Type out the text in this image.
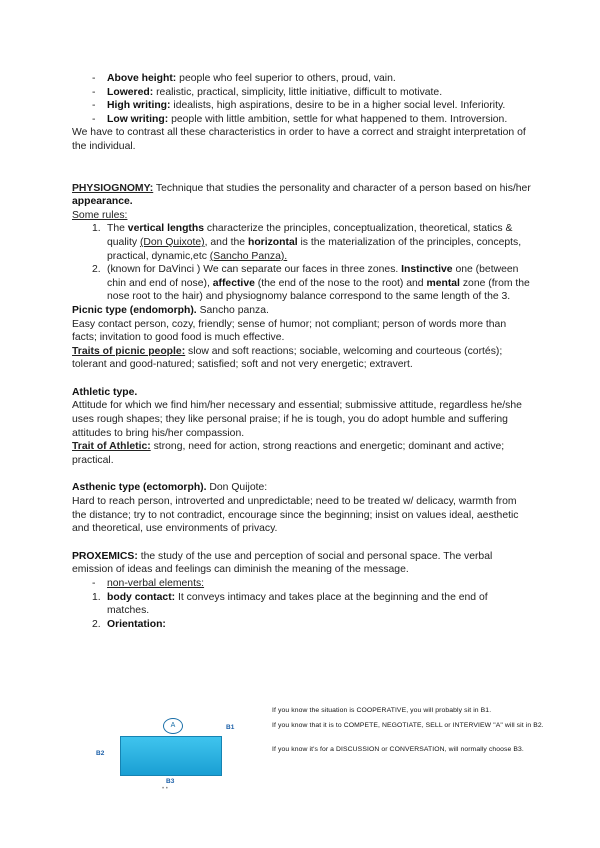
- Above height: people who feel superior to others, proud, vain.
- Lowered: realistic, practical, simplicity, little initiative, difficult to motivate.
- High writing: idealists, high aspirations, desire to be in a higher social level. Inferiority.
- Low writing: people with little ambition, settle for what happened to them. Introversion.

We have to contrast all these characteristics in order to have a correct and straight interpretation of the individual.

PHYSIOGNOMY: Technique that studies the personality and character of a person based on his/her appearance.

Some rules:

1. The vertical lengths characterize the principles, conceptualization, theoretical, statics & quality (Don Quixote), and the horizontal is the materialization of the principles, concepts, practical, dynamic,etc (Sancho Panza).
2. (known for DaVinci ) We can separate our faces in three zones. Instinctive one (between chin and end of nose), affective (the end of the nose to the root) and mental zone (from the nose root to the hair) and physiognomy balance correspond to the same length of the 3.

Picnic type (endomorph). Sancho panza.

Easy contact person, cozy, friendly; sense of humor; not compliant; person of words more than facts; invitation to good food is much effective.

Traits of picnic people: slow and soft reactions; sociable, welcoming and courteous (cortés); tolerant and good-natured; satisfied; soft and not very energetic; extravert.

Athletic type.

Attitude for which we find him/her necessary and essential; submissive attitude, regardless he/she uses rough shapes; they like personal praise; if he is tough, you do adopt humble and suffering attitudes to bring his/her compassion.

Trait of Athletic: strong, need for action, strong reactions and energetic; dominant and active; practical.

Asthenic type (ectomorph). Don Quijote:

Hard to reach person, introverted and unpredictable; need to be treated w/ delicacy, warmth from the distance; try to not contradict, encourage since the beginning; insist on values ideal, aesthetic and theoretical, use environments of privacy.

PROXEMICS: the study of the use and perception of social and personal space. The verbal emission of ideas and feelings can diminish the meaning of the message.

- non-verbal elements:

1. body contact: It conveys intimacy and takes place at the beginning and the end of matches.
2. Orientation:
A	B1
B2
B3
• •

If you know the situation is COOPERATIVE, you will probably sit in B1.

If you know that it is to COMPETE, NEGOTIATE, SELL or INTERVIEW "A" will sit in B2.

If you know it's for a DISCUSSION or CONVERSATION, will normally choose B3.
